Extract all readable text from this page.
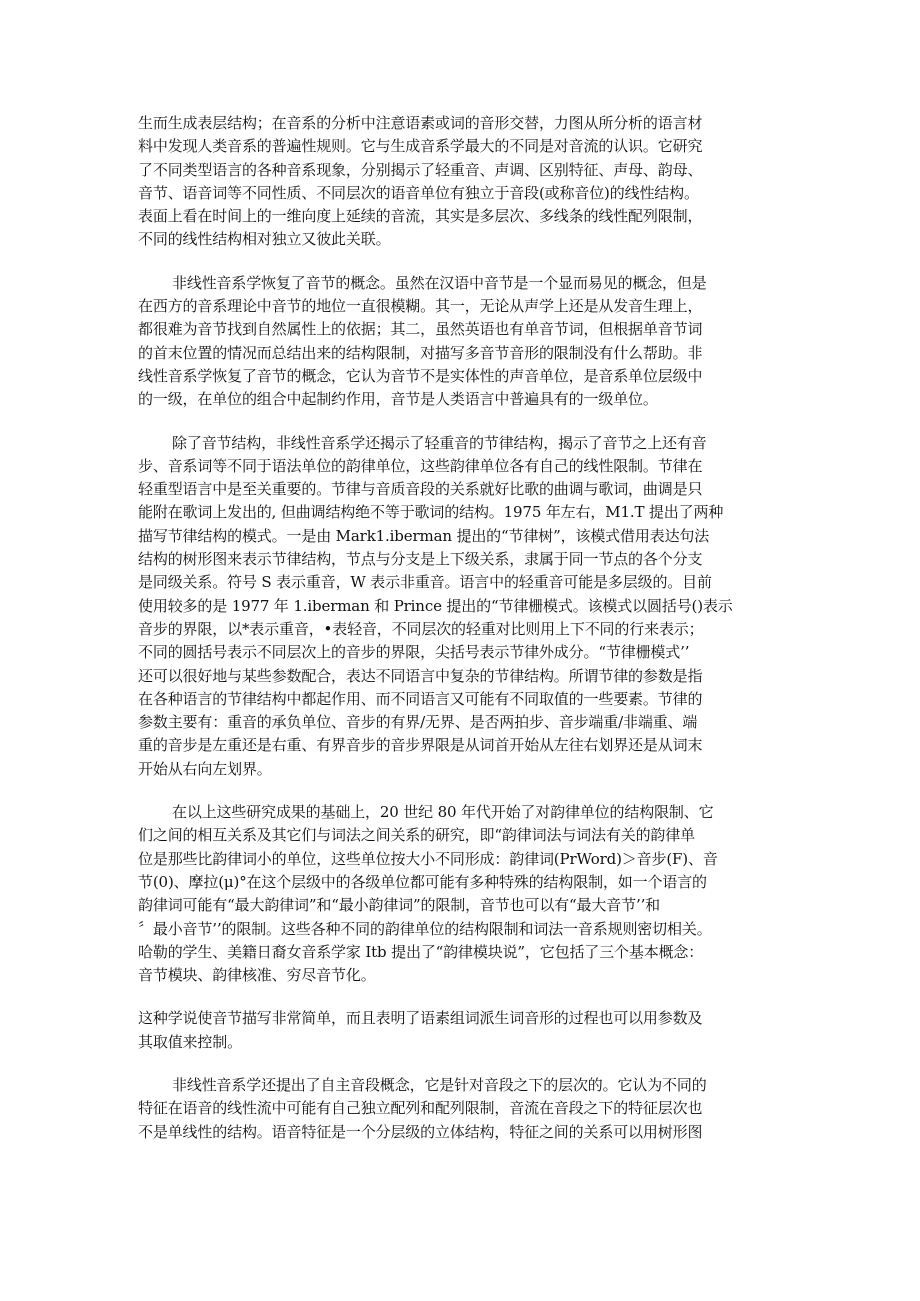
生而生成表层结构；在音系的分析中注意语素或词的音形交替，力图从所分析的语言材
料中发现人类音系的普遍性规则。它与生成音系学最大的不同是对音流的认识。它研究
了不同类型语言的各种音系现象，分别揭示了轻重音、声调、区别特征、声母、韵母、
音节、语音词等不同性质、不同层次的语音单位有独立于音段(或称音位)的线性结构。
表面上看在时间上的一维向度上延续的音流，其实是多层次、多线条的线性配列限制，
不同的线性结构相对独立又彼此关联。

非线性音系学恢复了音节的概念。虽然在汉语中音节是一个显而易见的概念，但是
在西方的音系理论中音节的地位一直很模糊。其一，无论从声学上还是从发音生理上，
都很难为音节找到自然属性上的依据；其二，虽然英语也有单音节词，但根据单音节词
的首末位置的情况而总结出来的结构限制，对描写多音节音形的限制没有什么帮助。非
线性音系学恢复了音节的概念，它认为音节不是实体性的声音单位，是音系单位层级中
的一级，在单位的组合中起制约作用，音节是人类语言中普遍具有的一级单位。

除了音节结构，非线性音系学还揭示了轻重音的节律结构，揭示了音节之上还有音
步、音系词等不同于语法单位的韵律单位，这些韵律单位各有自己的线性限制。节律在
轻重型语言中是至关重要的。节律与音质音段的关系就好比歌的曲调与歌词，曲调是只
能附在歌词上发出的, 但曲调结构绝不等于歌词的结构。1975 年左右，M1.T 提出了两种
描写节律结构的模式。一是由 Mark1.iberman 提出的“节律树”，该模式借用表达句法
结构的树形图来表示节律结构，节点与分支是上下级关系，隶属于同一节点的各个分支
是同级关系。符号 S 表示重音，W 表示非重音。语言中的轻重音可能是多层级的。目前
使用较多的是 1977 年 1.iberman 和 Prince 提出的“节律栅模式。该模式以圆括号()表示
音步的界限，以*表示重音，•表轻音，不同层次的轻重对比则用上下不同的行来表示；
不同的圆括号表示不同层次上的音步的界限，尖括号表示节律外成分。“节律栅模式’’
还可以很好地与某些参数配合，表达不同语言中复杂的节律结构。所谓节律的参数是指
在各种语言的节律结构中都起作用、而不同语言又可能有不同取值的一些要素。节律的
参数主要有：重音的承负单位、音步的有界/无界、是否两拍步、音步端重/非端重、端
重的音步是左重还是右重、有界音步的音步界限是从词首开始从左往右划界还是从词末
开始从右向左划界。

在以上这些研究成果的基础上，20 世纪 80 年代开始了对韵律单位的结构限制、它
们之间的相互关系及其它们与词法之间关系的研究，即“韵律词法与词法有关的韵律单
位是那些比韵律词小的单位，这些单位按大小不同形成：韵律词(PrWord)＞音步(F)、音
节(0)、摩拉(μ)°在这个层级中的各级单位都可能有多种特殊的结构限制，如一个语言的
韵律词可能有“最大韵律词”和“最小韵律词”的限制，音节也可以有“最大音节’’和
〞最小音节’’的限制。这些各种不同的韵律单位的结构限制和词法一音系规则密切相关。
哈勒的学生、美籍日裔女音系学家 Itb 提出了“韵律模块说”，它包括了三个基本概念：
音节模块、韵律核准、穷尽音节化。

这种学说使音节描写非常简单，而且表明了语素组词派生词音形的过程也可以用参数及
其取值来控制。

非线性音系学还提出了自主音段概念，它是针对音段之下的层次的。它认为不同的
特征在语音的线性流中可能有自己独立配列和配列限制，音流在音段之下的特征层次也
不是单线性的结构。语音特征是一个分层级的立体结构，特征之间的关系可以用树形图
